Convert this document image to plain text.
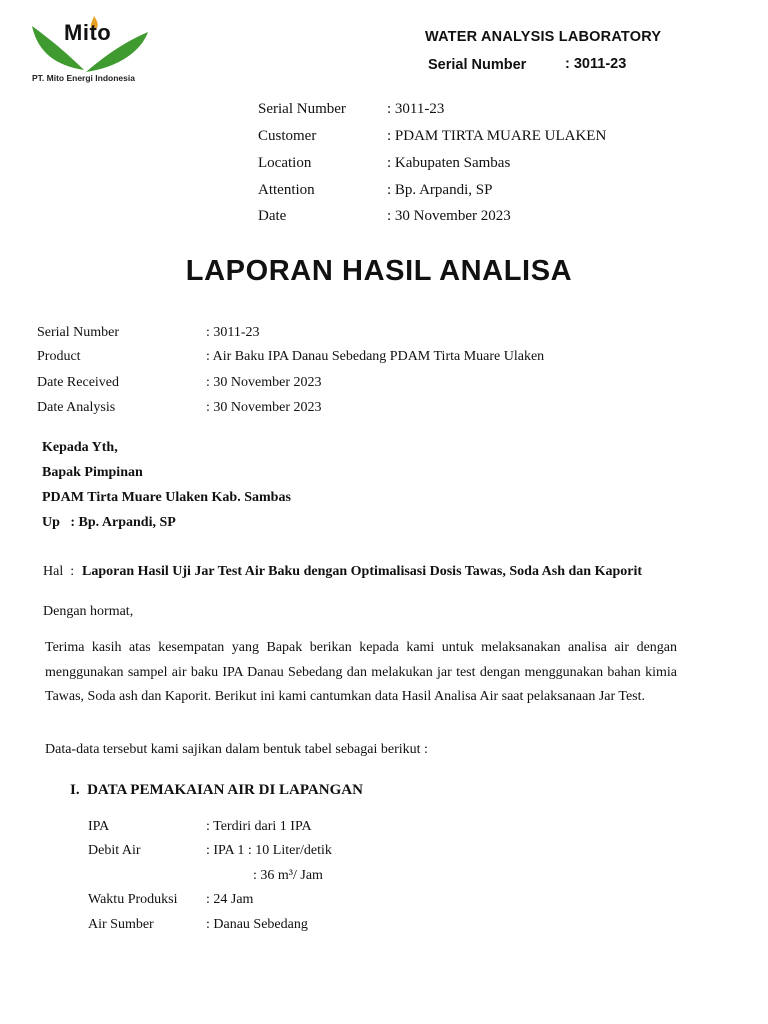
Mito
PT. Mito Energi Indonesia
WATER ANALYSIS LABORATORY
Serial Number	: 3011-23
Serial Number	: 3011-23
Customer	: PDAM TIRTA MUARE ULAKEN
Location	: Kabupaten Sambas
Attention	: Bp. Arpandi, SP
Date	: 30 November 2023
LAPORAN HASIL ANALISA
Serial Number	: 3011-23
Product	: Air Baku IPA Danau Sebedang PDAM Tirta Muare Ulaken
Date Received	: 30 November 2023
Date Analysis	: 30 November 2023
Kepada Yth,
Bapak Pimpinan
PDAM Tirta Muare Ulaken Kab. Sambas
Up   : Bp. Arpandi, SP
Hal  : Laporan Hasil Uji Jar Test Air Baku dengan Optimalisasi Dosis Tawas, Soda Ash dan Kaporit
Dengan hormat,
Terima kasih atas kesempatan yang Bapak berikan kepada kami untuk melaksanakan analisa air dengan menggunakan sampel air baku IPA Danau Sebedang dan melakukan jar test dengan menggunakan bahan kimia Tawas, Soda ash dan Kaporit. Berikut ini kami cantumkan data Hasil Analisa Air saat pelaksanaan Jar Test.
Data-data tersebut kami sajikan dalam bentuk tabel sebagai berikut :
I.  DATA PEMAKAIAN AIR DI LAPANGAN
IPA	: Terdiri dari 1 IPA
Debit Air	: IPA 1 : 10 Liter/detik
: 36 m³/ Jam
Waktu Produksi : 24 Jam
Air Sumber	: Danau Sebedang
